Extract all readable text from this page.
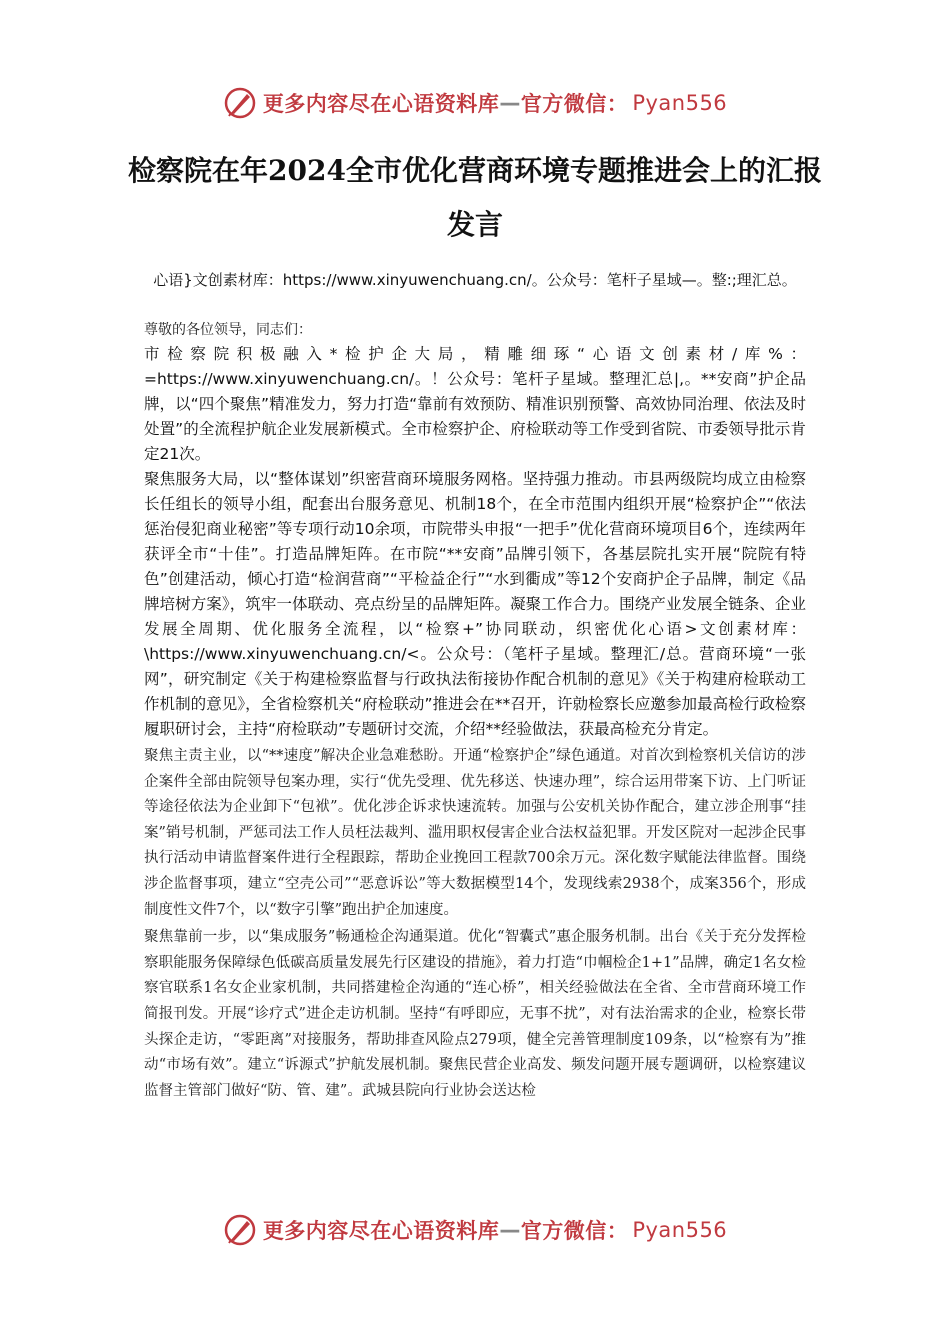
更多内容尽在心语资料库 — 官方微信： Pyan556
检察院在年2024全市优化营商环境专题推进会上的汇报发言
心语}文创素材库：https://www.xinyuwenchuang.cn/。公众号：笔杆子星域—。整:;理汇总。

尊敬的各位领导，同志们：

市检察院积极融入*检护企大局，精雕细琢“心语文创素材/库%：=https://www.xinyuwenchuang.cn/。！公众号：笔杆子星域。整理汇总|,。**安商”护企品牌，以“四个聚焦”精准发力，努力打造“靠前有效预防、精准识别预警、高效协同治理、依法及时处置”的全流程护航企业发展新模式。全市检察护企、府检联动等工作受到省院、市委领导批示肯定21次。

聚焦服务大局，以“整体谋划”织密营商环境服务网格。坚持强力推动。市县两级院均成立由检察长任组长的领导小组，配套出台服务意见、机制18个，在全市范围内组织开展“检察护企”“依法惩治侵犯商业秘密”等专项行动10余项，市院带头申报“一把手”优化营商环境项目6个，连续两年获评全市“十佳”。打造品牌矩阵。在市院“**安商”品牌引领下，各基层院扎实开展“院院有特色”创建活动，倾心打造“检润营商”“平检益企行”“水到衢成”等12个安商护企子品牌，制定《品牌培树方案》，筑牢一体联动、亮点纷呈的品牌矩阵。凝聚工作合力。围绕产业发展全链条、企业发展全周期、优化服务全流程，以“检察+”协同联动，织密优化心语>文创素材库：\https://www.xinyuwenchuang.cn/<。公众号：（笔杆子星域。整理汇/总。营商环境“一张网”，研究制定《关于构建检察监督与行政执法衔接协作配合机制的意见》《关于构建府检联动工作机制的意见》，全省检察机关“府检联动”推进会在**召开，许勍检察长应邀参加最高检行政检察履职研讨会，主持“府检联动”专题研讨交流，介绍**经验做法，获最高检充分肯定。

聚焦主责主业，以“**速度”解决企业急难愁盼。开通“检察护企”绿色通道。对首次到检察机关信访的涉企案件全部由院领导包案办理，实行“优先受理、优先移送、快速办理”，综合运用带案下访、上门听证等途径依法为企业卸下“包袱”。优化涉企诉求快速流转。加强与公安机关协作配合，建立涉企刑事“挂案”销号机制，严惩司法工作人员枉法裁判、滥用职权侵害企业合法权益犯罪。开发区院对一起涉企民事执行活动申请监督案件进行全程跟踪，帮助企业挽回工程款700余万元。深化数字赋能法律监督。围绕涉企监督事项，建立“空壳公司”“恶意诉讼”等大数据模型14个，发现线索2938个，成案356个，形成制度性文件7个，以“数字引擎”跑出护企加速度。

聚焦靠前一步，以“集成服务”畅通检企沟通渠道。优化“智囊式”惠企服务机制。出台《关于充分发挥检察职能服务保障绿色低碳高质量发展先行区建设的措施》，着力打造“巾帼检企1+1”品牌，确定1名女检察官联系1名女企业家机制，共同搭建检企沟通的“连心桥”，相关经验做法在全省、全市营商环境工作简报刊发。开展“诊疗式”进企走访机制。坚持“有呼即应，无事不扰”，对有法治需求的企业，检察长带头探企走访，“零距离”对接服务，帮助排查风险点279项，健全完善管理制度109条，以“检察有为”推动“市场有效”。建立“诉源式”护航发展机制。聚焦民营企业高发、频发问题开展专题调研，以检察建议监督主管部门做好“防、管、建”。武城县院向行业协会送达检

更多内容尽在心语资料库 — 官方微信： Pyan556
